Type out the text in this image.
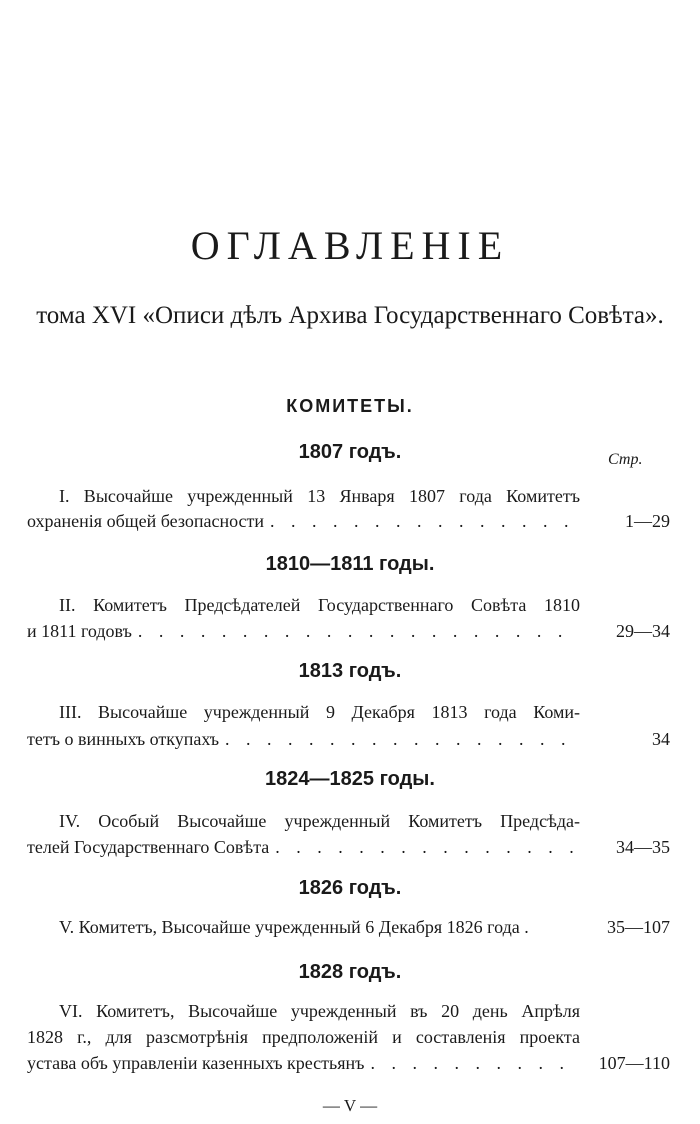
ОГЛАВЛЕНІЕ
тома XVI «Описи дѣлъ Архива Государственнаго Совѣта».
КОМИТЕТЫ.
Стр.
1807 годъ.
I. Высочайше учрежденный 13 Января 1807 года Комитетъ
охраненія общей безопасности . . .	1—29
1810—1811 годы.
II. Комитетъ Предсѣдателей Государственнаго Совѣта 1810
и 1811 годовъ . . .	29—34
1813 годъ.
III. Высочайше учрежденный 9 Декабря 1813 года Коми-
тетъ о винныхъ откупахъ . . .	34
1824—1825 годы.
IV. Особый Высочайше учрежденный Комитетъ Предсѣда-
телей Государственнаго Совѣта . . .	34—35
1826 годъ.
V. Комитетъ, Высочайше учрежденный 6 Декабря 1826 года .	35—107
1828 годъ.
VI. Комитетъ, Высочайше учрежденный въ 20 день Апрѣля
1828 г., для разсмотрѣнія предположеній и составленія проекта
устава объ управленіи казенныхъ крестьянъ . . .	107—110
— V —
